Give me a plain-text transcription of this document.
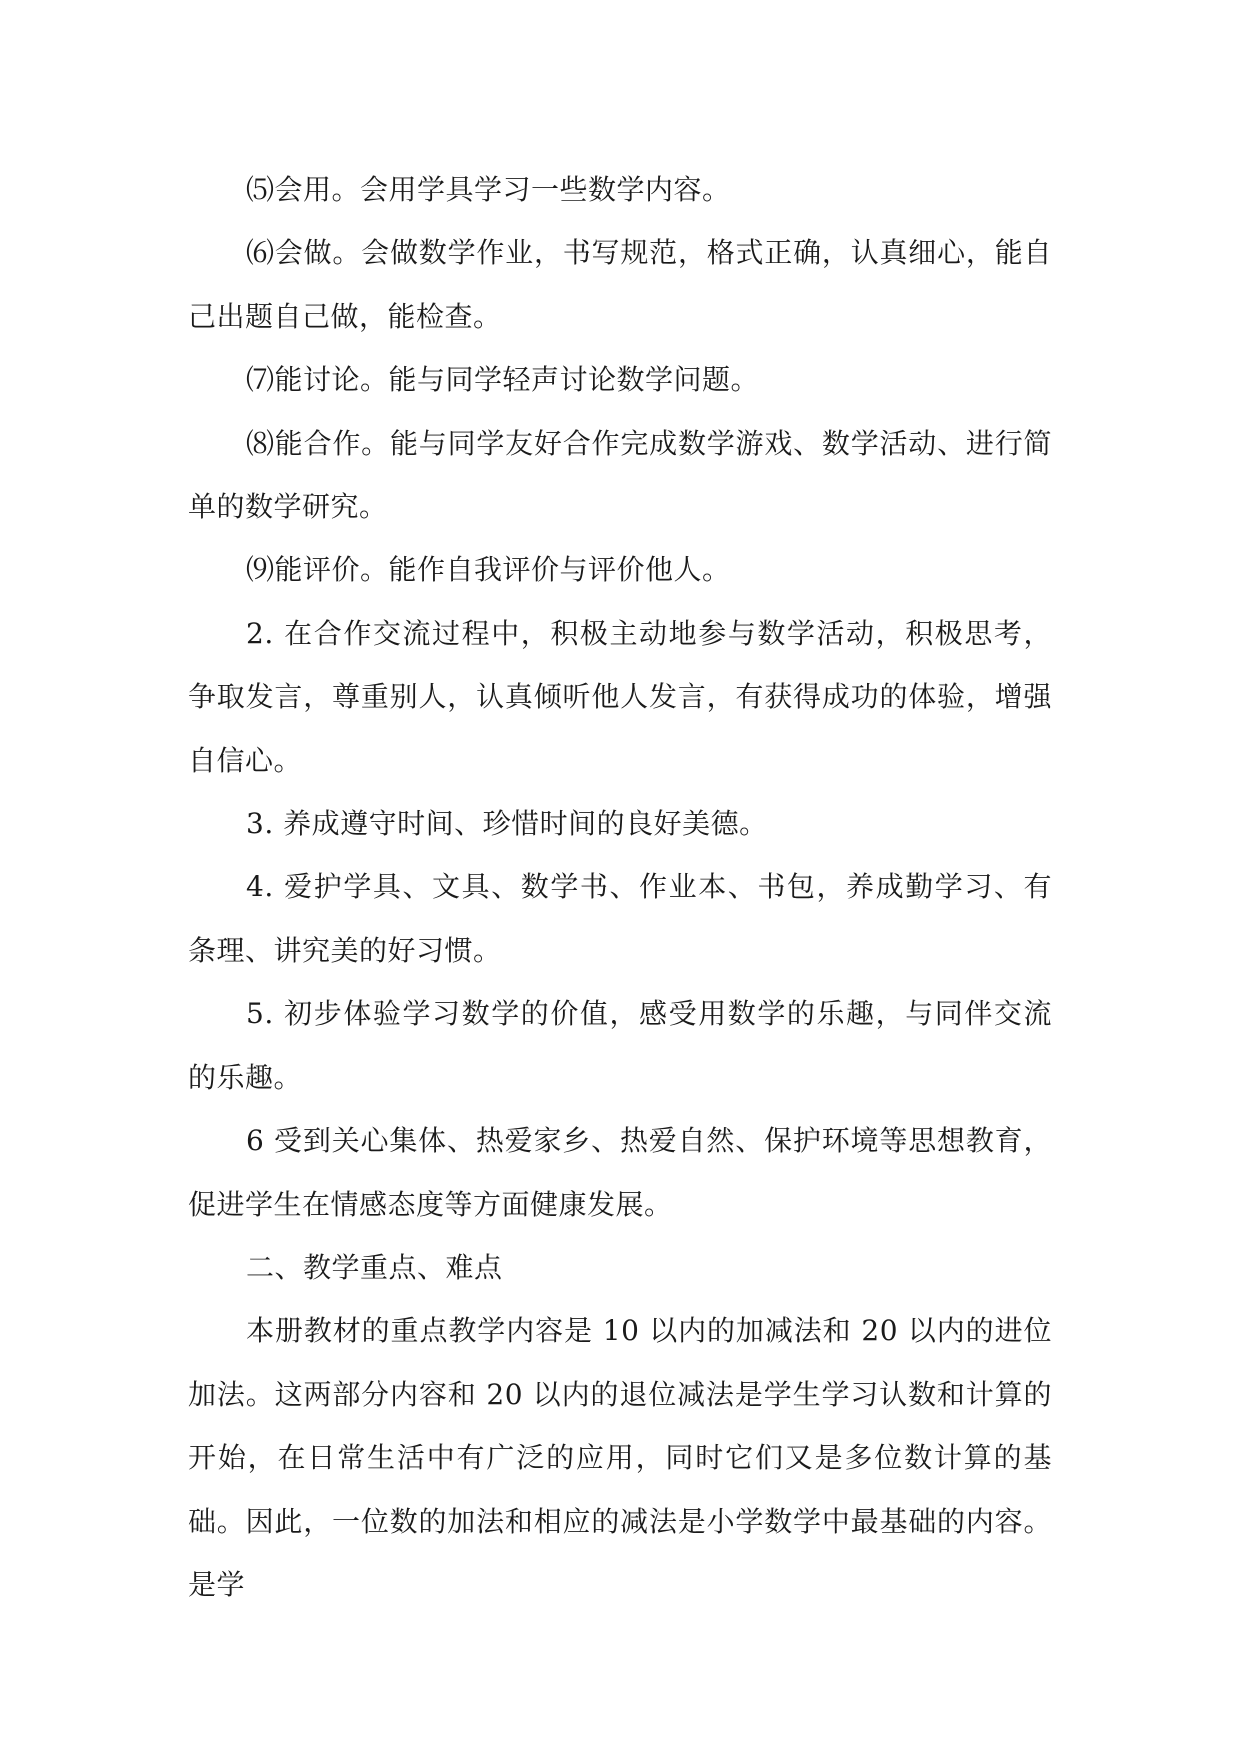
⑸会用。会用学具学习一些数学内容。

⑹会做。会做数学作业，书写规范，格式正确，认真细心，能自己出题自己做，能检查。

⑺能讨论。能与同学轻声讨论数学问题。

⑻能合作。能与同学友好合作完成数学游戏、数学活动、进行简单的数学研究。

⑼能评价。能作自我评价与评价他人。

2. 在合作交流过程中，积极主动地参与数学活动，积极思考，争取发言，尊重别人，认真倾听他人发言，有获得成功的体验，增强自信心。

3. 养成遵守时间、珍惜时间的良好美德。

4. 爱护学具、文具、数学书、作业本、书包，养成勤学习、有条理、讲究美的好习惯。

5. 初步体验学习数学的价值，感受用数学的乐趣，与同伴交流的乐趣。

6 受到关心集体、热爱家乡、热爱自然、保护环境等思想教育，促进学生在情感态度等方面健康发展。

二、教学重点、难点

本册教材的重点教学内容是 10 以内的加减法和 20 以内的进位加法。这两部分内容和 20 以内的退位减法是学生学习认数和计算的开始，在日常生活中有广泛的应用，同时它们又是多位数计算的基础。因此，一位数的加法和相应的减法是小学数学中最基础的内容。是学
